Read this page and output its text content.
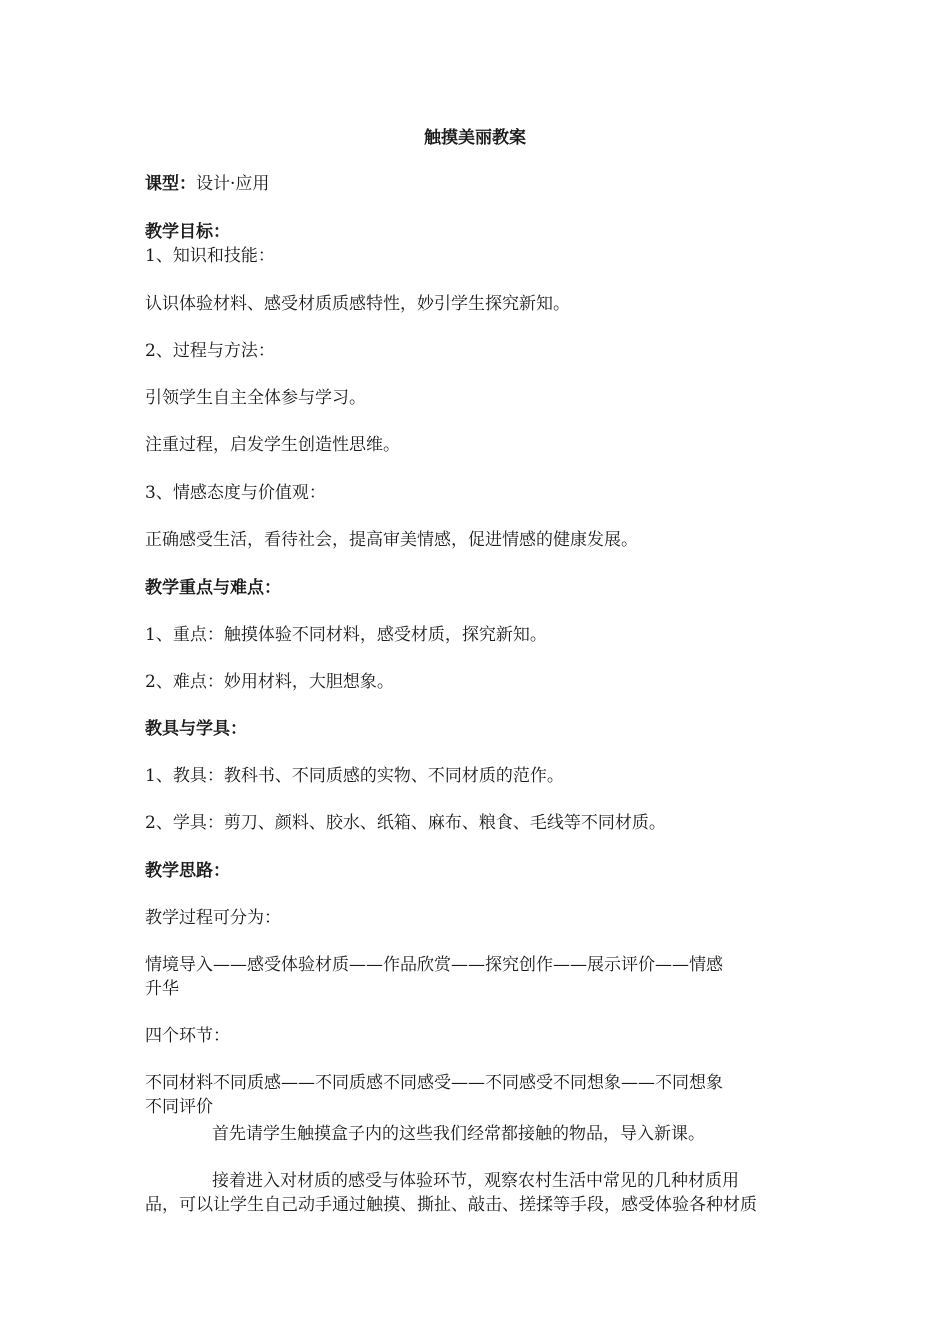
触摸美丽教案
课型：设计·应用
教学目标：
1、知识和技能：
认识体验材料、感受材质质感特性，妙引学生探究新知。
2、过程与方法：
引领学生自主全体参与学习。
注重过程，启发学生创造性思维。
3、情感态度与价值观：
正确感受生活，看待社会，提高审美情感，促进情感的健康发展。
教学重点与难点：
1、重点：触摸体验不同材料，感受材质，探究新知。
2、难点：妙用材料，大胆想象。
教具与学具：
1、教具：教科书、不同质感的实物、不同材质的范作。
2、学具：剪刀、颜料、胶水、纸箱、麻布、粮食、毛线等不同材质。
教学思路：
教学过程可分为：
情境导入——感受体验材质——作品欣赏——探究创作——展示评价——情感
升华
四个环节：
不同材料不同质感——不同质感不同感受——不同感受不同想象——不同想象
不同评价
首先请学生触摸盒子内的这些我们经常都接触的物品，导入新课。
接着进入对材质的感受与体验环节，观察农村生活中常见的几种材质用
品，可以让学生自己动手通过触摸、撕扯、敲击、搓揉等手段，感受体验各种材质
